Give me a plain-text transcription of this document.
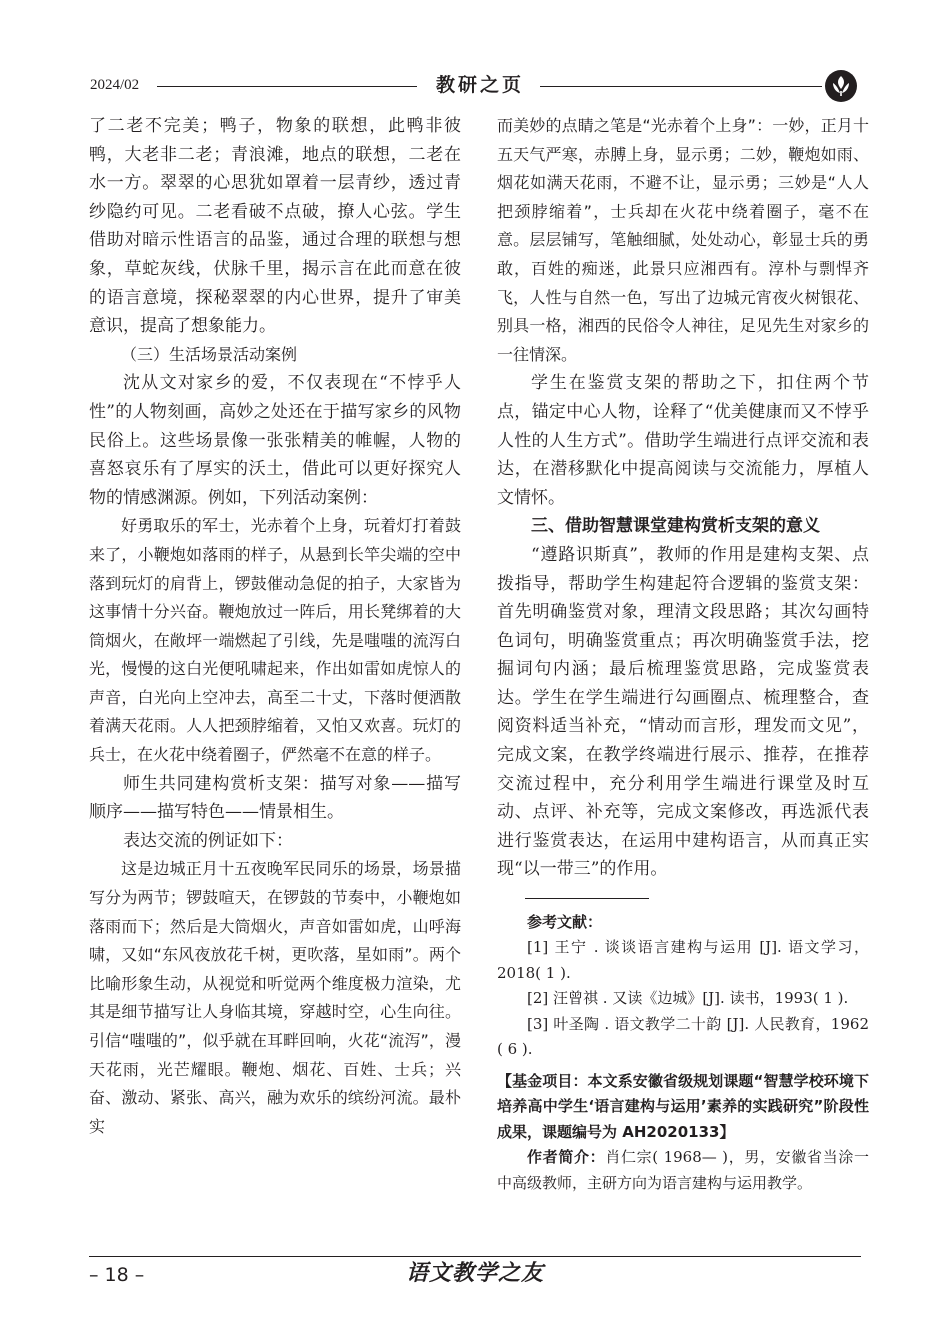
2024/02	教研之页

了二老不完美；鸭子，物象的联想，此鸭非彼鸭，大老非二老；青浪滩，地点的联想，二老在水一方。翠翠的心思犹如罩着一层青纱，透过青纱隐约可见。二老看破不点破，撩人心弦。学生借助对暗示性语言的品鉴，通过合理的联想与想象，草蛇灰线，伏脉千里，揭示言在此而意在彼的语言意境，探秘翠翠的内心世界，提升了审美意识，提高了想象能力。

（三）生活场景活动案例

沈从文对家乡的爱，不仅表现在“不悖乎人性”的人物刻画，高妙之处还在于描写家乡的风物民俗上。这些场景像一张张精美的帷幄，人物的喜怒哀乐有了厚实的沃土，借此可以更好探究人物的情感渊源。例如，下列活动案例：

好勇取乐的军士，光赤着个上身，玩着灯打着鼓来了，小鞭炮如落雨的样子，从悬到长竿尖端的空中落到玩灯的肩背上，锣鼓催动急促的拍子，大家皆为这事情十分兴奋。鞭炮放过一阵后，用长凳绑着的大筒烟火，在敞坪一端燃起了引线，先是嗤嗤的流泻白光，慢慢的这白光便吼啸起来，作出如雷如虎惊人的声音，白光向上空冲去，高至二十丈，下落时便洒散着满天花雨。人人把颈脖缩着，又怕又欢喜。玩灯的兵士，在火花中绕着圈子，俨然毫不在意的样子。

师生共同建构赏析支架：描写对象——描写顺序——描写特色——情景相生。

表达交流的例证如下：

这是边城正月十五夜晚军民同乐的场景，场景描写分为两节；锣鼓喧天，在锣鼓的节奏中，小鞭炮如落雨而下；然后是大筒烟火，声音如雷如虎，山呼海啸，又如“东风夜放花千树，更吹落，星如雨”。两个比喻形象生动，从视觉和听觉两个维度极力渲染，尤其是细节描写让人身临其境，穿越时空，心生向往。引信“嗤嗤的”，似乎就在耳畔回响，火花“流泻”，漫天花雨，光芒耀眼。鞭炮、烟花、百姓、士兵；兴奋、激动、紧张、高兴，融为欢乐的缤纷河流。最朴实

而美妙的点睛之笔是“光赤着个上身”：一妙，正月十五天气严寒，赤膊上身，显示勇；二妙，鞭炮如雨、烟花如满天花雨，不避不让，显示勇；三妙是“人人把颈脖缩着”，士兵却在火花中绕着圈子，毫不在意。层层铺写，笔触细腻，处处动心，彰显士兵的勇敢，百姓的痴迷，此景只应湘西有。淳朴与剽悍齐飞，人性与自然一色，写出了边城元宵夜火树银花、别具一格，湘西的民俗令人神往，足见先生对家乡的一往情深。

学生在鉴赏支架的帮助之下，扣住两个节点，锚定中心人物，诠释了“优美健康而又不悖乎人性的人生方式”。借助学生端进行点评交流和表达，在潜移默化中提高阅读与交流能力，厚植人文情怀。

三、借助智慧课堂建构赏析支架的意义

“遵路识斯真”，教师的作用是建构支架、点拨指导，帮助学生构建起符合逻辑的鉴赏支架：首先明确鉴赏对象，理清文段思路；其次勾画特色词句，明确鉴赏重点；再次明确鉴赏手法，挖掘词句内涵；最后梳理鉴赏思路，完成鉴赏表达。学生在学生端进行勾画圈点、梳理整合，查阅资料适当补充，“情动而言形，理发而文见”，完成文案，在教学终端进行展示、推荐，在推荐交流过程中，充分利用学生端进行课堂及时互动、点评、补充等，完成文案修改，再选派代表进行鉴赏表达，在运用中建构语言，从而真正实现“以一带三”的作用。

参考文献：

[1] 王宁 . 谈谈语言建构与运用 [J]. 语文学习，2018( 1 ).

[2] 汪曾祺 . 又读《边城》[J]. 读书，1993( 1 ).

[3] 叶圣陶 . 语文教学二十韵 [J]. 人民教育，1962 ( 6 ).

【基金项目：本文系安徽省级规划课题“智慧学校环境下培养高中学生‘语言建构与运用’素养的实践研究”阶段性成果，课题编号为 AH2020133】

作者简介：肖仁宗( 1968— )，男，安徽省当涂一中高级教师，主研方向为语言建构与运用教学。

– 18 –	语文教学之友
